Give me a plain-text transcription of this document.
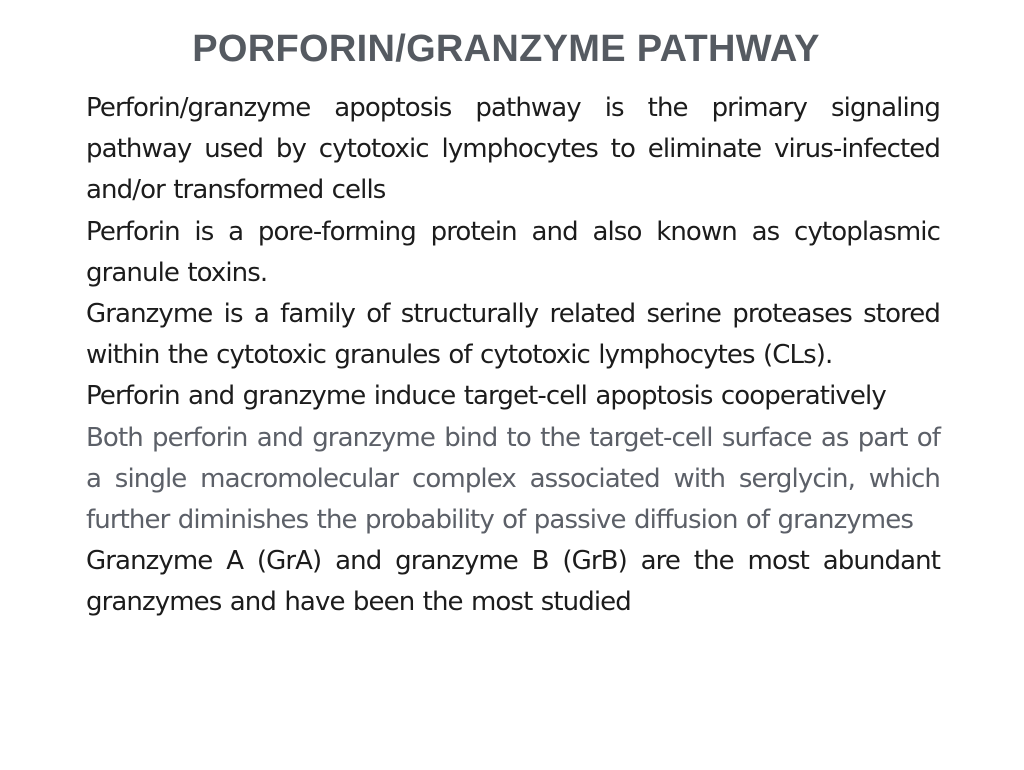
PORFORIN/GRANZYME PATHWAY

Perforin/granzyme apoptosis pathway is the primary signaling pathway used by cytotoxic lymphocytes to eliminate virus-infected and/or transformed cells

Perforin is a pore-forming protein and also known as cytoplasmic granule toxins.

Granzyme is a family of structurally related serine proteases stored within the cytotoxic granules of cytotoxic lymphocytes (CLs).

Perforin and granzyme induce target-cell apoptosis cooperatively

Both perforin and granzyme bind to the target-cell surface as part of a single macromolecular complex associated with serglycin, which further diminishes the probability of passive diffusion of granzymes

Granzyme A (GrA) and granzyme B (GrB) are the most abundant granzymes and have been the most studied
